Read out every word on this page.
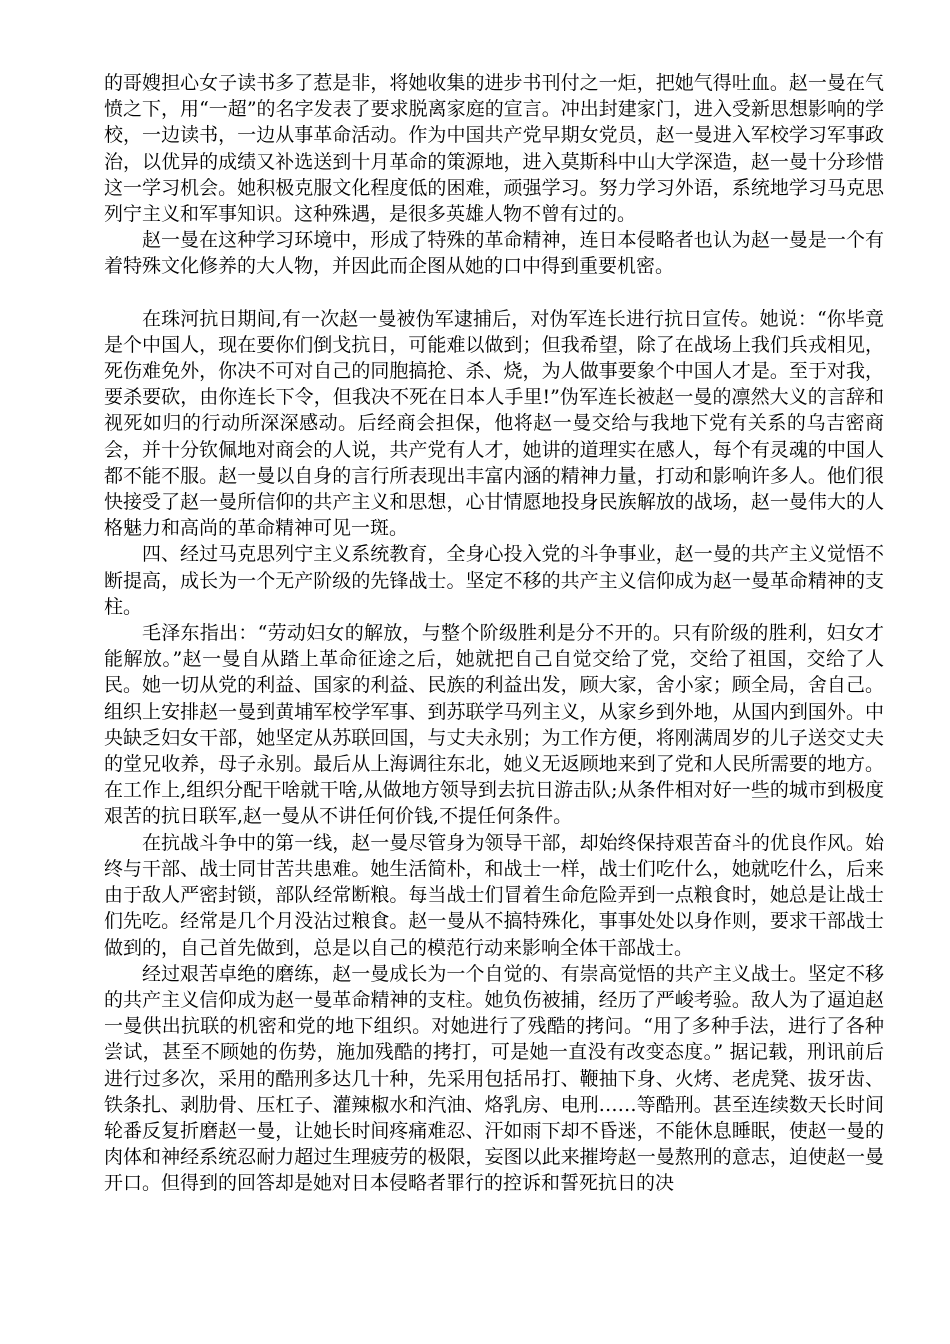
的哥嫂担心女子读书多了惹是非，将她收集的进步书刊付之一炬，把她气得吐血。赵一曼在气愤之下，用“一超”的名字发表了要求脱离家庭的宣言。冲出封建家门，进入受新思想影响的学校，一边读书，一边从事革命活动。作为中国共产党早期女党员，赵一曼进入军校学习军事政治，以优异的成绩又补选送到十月革命的策源地，进入莫斯科中山大学深造，赵一曼十分珍惜这一学习机会。她积极克服文化程度低的困难，顽强学习。努力学习外语，系统地学习马克思列宁主义和军事知识。这种殊遇，是很多英雄人物不曾有过的。

赵一曼在这种学习环境中，形成了特殊的革命精神，连日本侵略者也认为赵一曼是一个有着特殊文化修养的大人物，并因此而企图从她的口中得到重要机密。

在珠河抗日期间,有一次赵一曼被伪军逮捕后，对伪军连长进行抗日宣传。她说：“你毕竟是个中国人，现在要你们倒戈抗日，可能难以做到；但我希望，除了在战场上我们兵戎相见，死伤难免外，你决不可对自己的同胞搞抢、杀、烧，为人做事要象个中国人才是。至于对我，要杀要砍，由你连长下令，但我决不死在日本人手里!”伪军连长被赵一曼的凛然大义的言辞和视死如归的行动所深深感动。后经商会担保，他将赵一曼交给与我地下党有关系的乌吉密商会，并十分钦佩地对商会的人说，共产党有人才，她讲的道理实在感人，每个有灵魂的中国人都不能不服。赵一曼以自身的言行所表现出丰富内涵的精神力量，打动和影响许多人。他们很快接受了赵一曼所信仰的共产主义和思想，心甘情愿地投身民族解放的战场，赵一曼伟大的人格魅力和高尚的革命精神可见一斑。

四、经过马克思列宁主义系统教育，全身心投入党的斗争事业，赵一曼的共产主义觉悟不断提高，成长为一个无产阶级的先锋战士。坚定不移的共产主义信仰成为赵一曼革命精神的支柱。

毛泽东指出：“劳动妇女的解放，与整个阶级胜利是分不开的。只有阶级的胜利，妇女才能解放。”赵一曼自从踏上革命征途之后，她就把自己自觉交给了党，交给了祖国，交给了人民。她一切从党的利益、国家的利益、民族的利益出发，顾大家，舍小家；顾全局，舍自己。组织上安排赵一曼到黄埔军校学军事、到苏联学马列主义，从家乡到外地，从国内到国外。中央缺乏妇女干部，她坚定从苏联回国，与丈夫永别；为工作方便，将刚满周岁的儿子送交丈夫的堂兄收养，母子永别。最后从上海调往东北，她义无返顾地来到了党和人民所需要的地方。在工作上,组织分配干啥就干啥,从做地方领导到去抗日游击队;从条件相对好一些的城市到极度艰苦的抗日联军,赵一曼从不讲任何价钱,不提任何条件。

在抗战斗争中的第一线，赵一曼尽管身为领导干部，却始终保持艰苦奋斗的优良作风。始终与干部、战士同甘苦共患难。她生活简朴，和战士一样，战士们吃什么，她就吃什么，后来由于敌人严密封锁，部队经常断粮。每当战士们冒着生命危险弄到一点粮食时，她总是让战士们先吃。经常是几个月没沾过粮食。赵一曼从不搞特殊化，事事处处以身作则，要求干部战士做到的，自己首先做到，总是以自己的模范行动来影响全体干部战士。

经过艰苦卓绝的磨练，赵一曼成长为一个自觉的、有崇高觉悟的共产主义战士。坚定不移的共产主义信仰成为赵一曼革命精神的支柱。她负伤被捕，经历了严峻考验。敌人为了逼迫赵一曼供出抗联的机密和党的地下组织。对她进行了残酷的拷问。“用了多种手法，进行了各种尝试，甚至不顾她的伤势，施加残酷的拷打，可是她一直没有改变态度。” 据记载，刑讯前后进行过多次，采用的酷刑多达几十种，先采用包括吊打、鞭抽下身、火烤、老虎凳、拔牙齿、铁条扎、剥肋骨、压杠子、灌辣椒水和汽油、烙乳房、电刑……等酷刑。甚至连续数天长时间轮番反复折磨赵一曼，让她长时间疼痛难忍、汗如雨下却不昏迷，不能休息睡眠，使赵一曼的肉体和神经系统忍耐力超过生理疲劳的极限，妄图以此来摧垮赵一曼熬刑的意志，迫使赵一曼开口。但得到的回答却是她对日本侵略者罪行的控诉和誓死抗日的决
